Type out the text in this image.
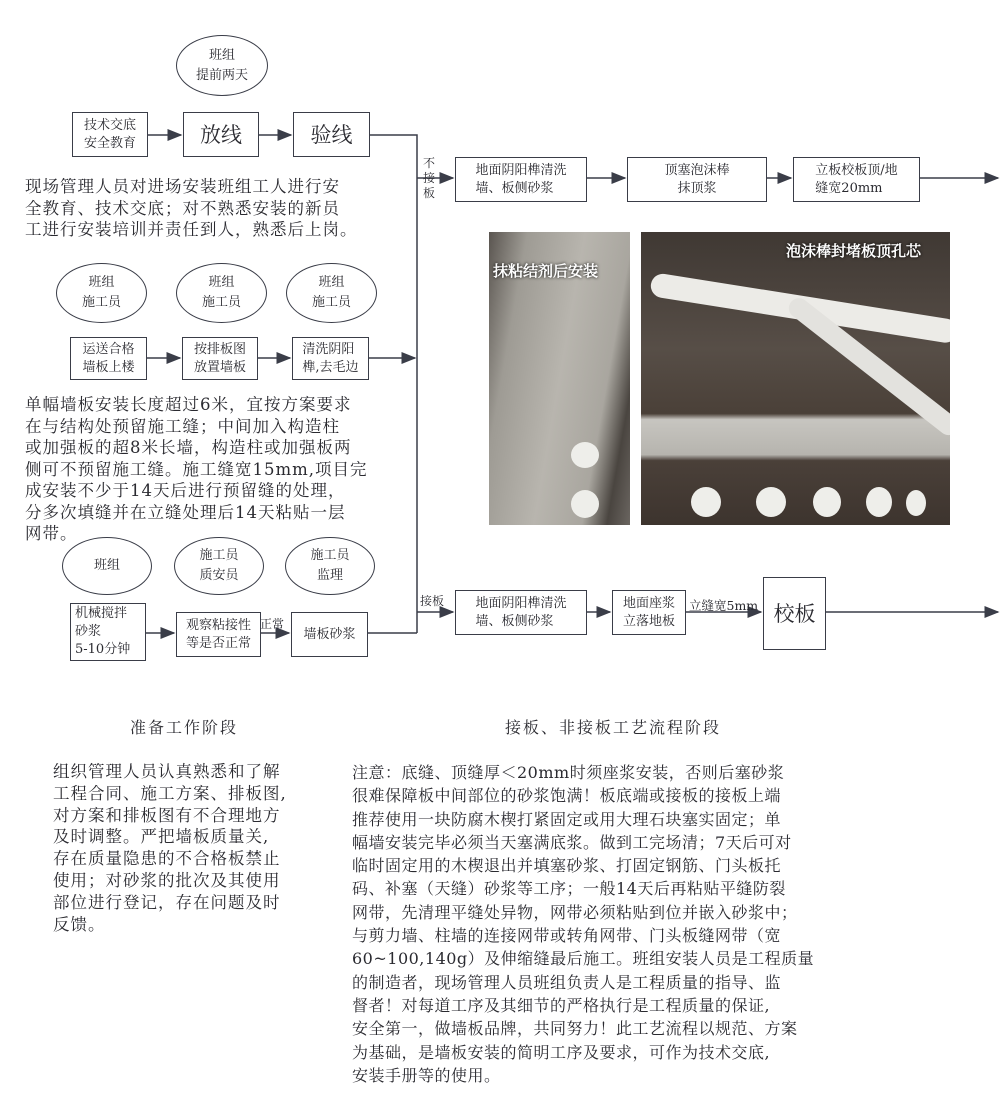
班组
提前两天
技术交底
安全教育	放线	验线
现场管理人员对进场安装班组工人进行安
全教育、技术交底；对不熟悉安装的新员
工进行安装培训并责任到人，熟悉后上岗。
班组
施工员
班组
施工员
班组
施工员
运送合格
墙板上楼
按排板图
放置墙板
清洗阴阳
榫,去毛边
单幅墙板安装长度超过6米，宜按方案要求
在与结构处预留施工缝；中间加入构造柱
或加强板的超8米长墙，构造柱或加强板两
侧可不预留施工缝。施工缝宽15mm,项目完
成安装不少于14天后进行预留缝的处理，
分多次填缝并在立缝处理后14天粘贴一层
网带。
班组
施工员
质安员
施工员
监理
机械搅拌
砂浆
5-10分钟
观察粘接性
等是否正常
墙板砂浆
正常
不接板
地面阴阳榫清洗
墙、板侧砂浆
顶塞泡沫棒
抹顶浆
立板校板顶/地
缝宽20mm
抹粘结剂后安装
泡沫棒封堵板顶孔芯
接板 地面阴阳榫清洗
墙、板侧砂浆
地面座浆
立落地板	校板
立缝宽5mm
准备工作阶段
组织管理人员认真熟悉和了解
工程合同、施工方案、排板图,
对方案和排板图有不合理地方
及时调整。严把墙板质量关,
存在质量隐患的不合格板禁止
使用；对砂浆的批次及其使用
部位进行登记，存在问题及时
反馈。
接板、非接板工艺流程阶段
注意：底缝、顶缝厚＜20mm时须座浆安装，否则后塞砂浆
很难保障板中间部位的砂浆饱满！板底端或接板的接板上端
推荐使用一块防腐木楔打紧固定或用大理石块塞实固定；单
幅墙安装完毕必须当天塞满底浆。做到工完场清；7天后可对
临时固定用的木楔退出并填塞砂浆、打固定钢筋、门头板托
码、补塞（天缝）砂浆等工序；一般14天后再粘贴平缝防裂
网带，先清理平缝处异物，网带必须粘贴到位并嵌入砂浆中；
与剪力墙、柱墙的连接网带或转角网带、门头板缝网带（宽
60~100,140g）及伸缩缝最后施工。班组安装人员是工程质量
的制造者，现场管理人员班组负责人是工程质量的指导、监
督者！对每道工序及其细节的严格执行是工程质量的保证,
安全第一，做墙板品牌，共同努力！此工艺流程以规范、方案
为基础，是墙板安装的简明工序及要求，可作为技术交底,
安装手册等的使用。
